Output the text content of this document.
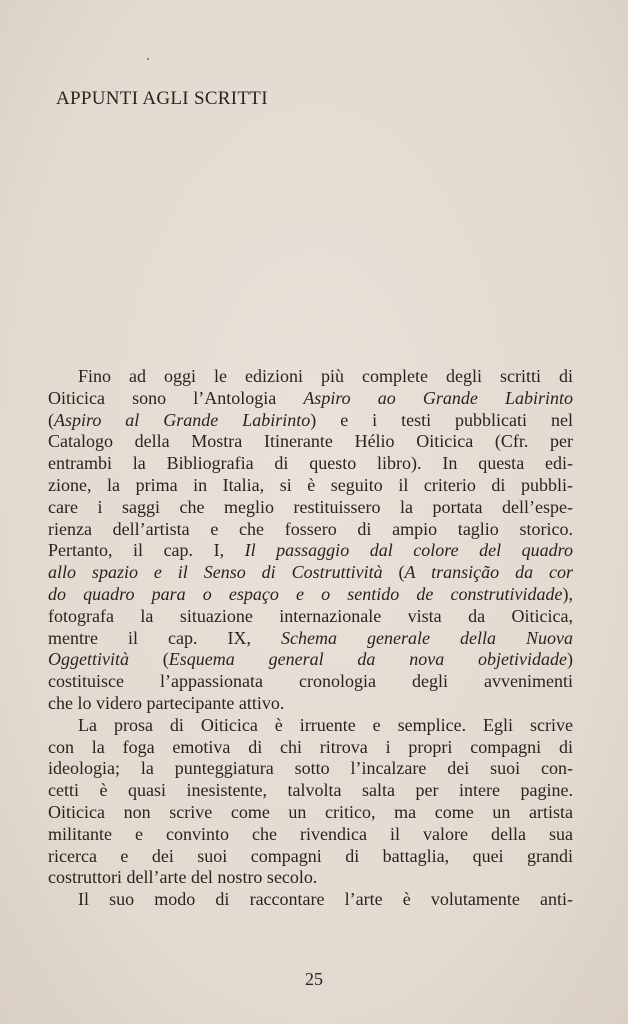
APPUNTI AGLI SCRITTI
Fino ad oggi le edizioni più complete degli scritti di
Oiticica sono l’Antologia Aspiro ao Grande Labirinto
(Aspiro al Grande Labirinto) e i testi pubblicati nel
Catalogo della Mostra Itinerante Hélio Oiticica (Cfr. per
entrambi la Bibliografia di questo libro). In questa edi-
zione, la prima in Italia, si è seguito il criterio di pubbli-
care i saggi che meglio restituissero la portata dell’espe-
rienza dell’artista e che fossero di ampio taglio storico.
Pertanto, il cap. I, Il passaggio dal colore del quadro
allo spazio e il Senso di Costruttività (A transição da cor
do quadro para o espaço e o sentido de construtividade),
fotografa la situazione internazionale vista da Oiticica,
mentre il cap. IX, Schema generale della Nuova
Oggettività (Esquema general da nova objetividade)
costituisce l’appassionata cronologia degli avvenimenti
che lo videro partecipante attivo.
La prosa di Oiticica è irruente e semplice. Egli scrive
con la foga emotiva di chi ritrova i propri compagni di
ideologia; la punteggiatura sotto l’incalzare dei suoi con-
cetti è quasi inesistente, talvolta salta per intere pagine.
Oiticica non scrive come un critico, ma come un artista
militante e convinto che rivendica il valore della sua
ricerca e dei suoi compagni di battaglia, quei grandi
costruttori dell’arte del nostro secolo.
Il suo modo di raccontare l’arte è volutamente anti-
25
